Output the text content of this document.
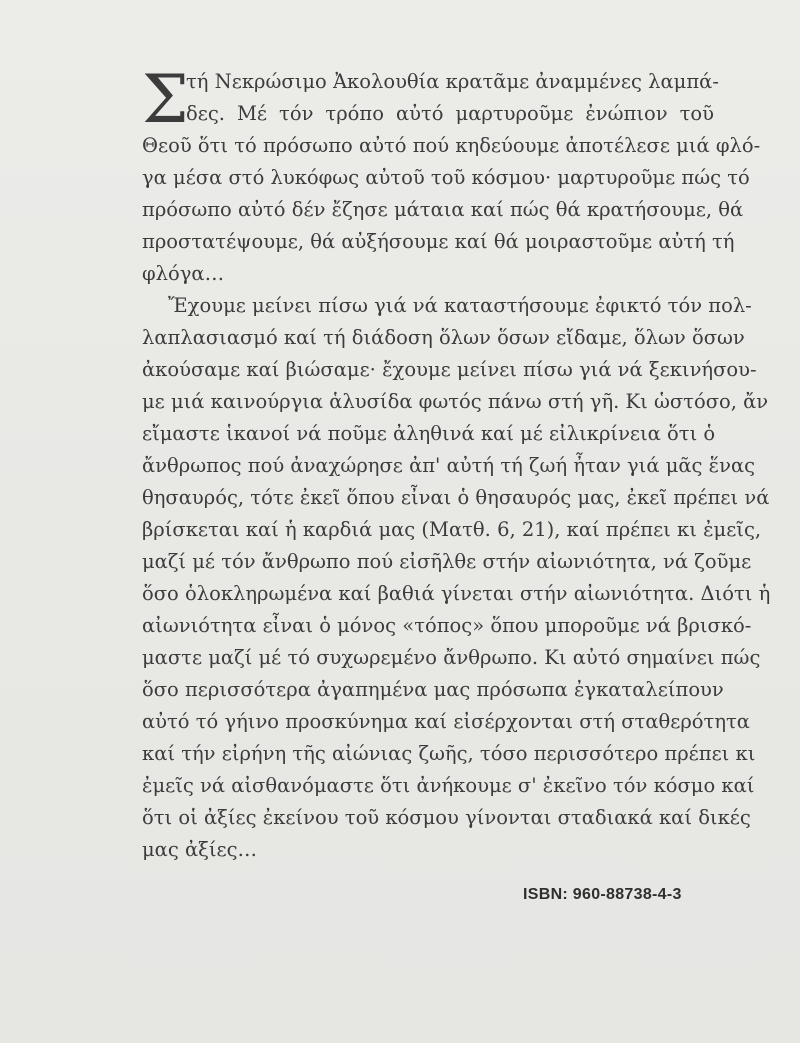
Σ
τή Νεκρώσιμο Ἀκολουθία κρατᾶμε ἀναμμένες λαμπά-
δες. Μέ τόν τρόπο αὐτό μαρτυροῦμε ἐνώπιον τοῦ
Θεοῦ ὅτι τό πρόσωπο αὐτό πού κηδεύουμε ἀποτέλεσε μιά φλό-
γα μέσα στό λυκόφως αὐτοῦ τοῦ κόσμου· μαρτυροῦμε πώς τό
πρόσωπο αὐτό δέν ἔζησε μάταια καί πώς θά κρατήσουμε, θά
προστατέψουμε, θά αὐξήσουμε καί θά μοιραστοῦμε αὐτή τή
φλόγα…
Ἔχουμε μείνει πίσω γιά νά καταστήσουμε ἐφικτό τόν πολ-
λαπλασιασμό καί τή διάδοση ὅλων ὅσων εἴδαμε, ὅλων ὅσων
ἀκούσαμε καί βιώσαμε· ἔχουμε μείνει πίσω γιά νά ξεκινήσου-
με μιά καινούργια ἁλυσίδα φωτός πάνω στή γῆ. Κι ὡστόσο, ἄν
εἴμαστε ἱκανοί νά ποῦμε ἀληθινά καί μέ εἰλικρίνεια ὅτι ὁ
ἄνθρωπος πού ἀναχώρησε ἀπ' αὐτή τή ζωή ἦταν γιά μᾶς ἕνας
θησαυρός, τότε ἐκεῖ ὅπου εἶναι ὁ θησαυρός μας, ἐκεῖ πρέπει νά
βρίσκεται καί ἡ καρδιά μας (Ματθ. 6, 21), καί πρέπει κι ἐμεῖς,
μαζί μέ τόν ἄνθρωπο πού εἰσῆλθε στήν αἰωνιότητα, νά ζοῦμε
ὅσο ὁλοκληρωμένα καί βαθιά γίνεται στήν αἰωνιότητα. Διότι ἡ
αἰωνιότητα εἶναι ὁ μόνος «τόπος» ὅπου μποροῦμε νά βρισκό-
μαστε μαζί μέ τό συχωρεμένο ἄνθρωπο. Κι αὐτό σημαίνει πώς
ὅσο περισσότερα ἀγαπημένα μας πρόσωπα ἐγκαταλείπουν
αὐτό τό γήινο προσκύνημα καί εἰσέρχονται στή σταθερότητα
καί τήν εἰρήνη τῆς αἰώνιας ζωῆς, τόσο περισσότερο πρέπει κι
ἐμεῖς νά αἰσθανόμαστε ὅτι ἀνήκουμε σ' ἐκεῖνο τόν κόσμο καί
ὅτι οἱ ἀξίες ἐκείνου τοῦ κόσμου γίνονται σταδιακά καί δικές
μας ἀξίες…
ISBN: 960-88738-4-3
